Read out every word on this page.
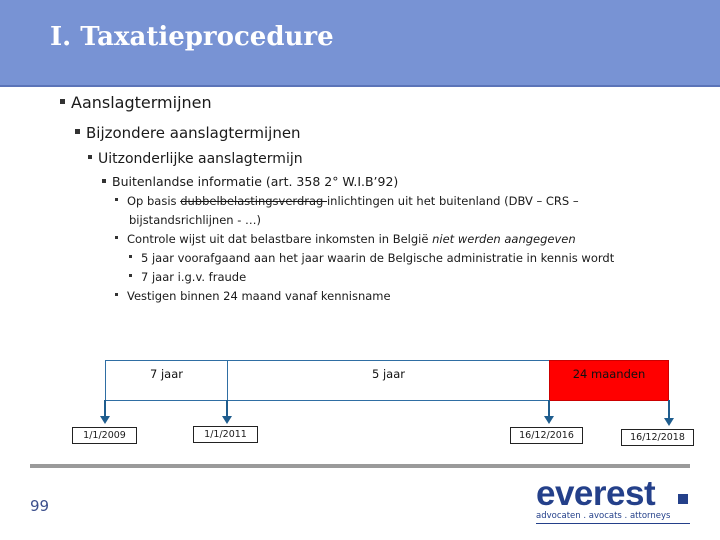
I. Taxatieprocedure
Aanslagtermijnen
Bijzondere aanslagtermijnen
Uitzonderlijke aanslagtermijn
Buitenlandse informatie (art. 358 2° W.I.B’92)
Op basis dubbelbelastingsverdrag inlichtingen uit het buitenland (DBV – CRS –
bijstandsrichlijnen - …)
Controle wijst uit dat belastbare inkomsten in België niet werden aangegeven
5 jaar voorafgaand aan het jaar waarin de Belgische administratie in kennis wordt
7 jaar i.g.v. fraude
Vestigen binnen 24 maand vanaf kennisname
7 jaar	5 jaar	24 maanden
1/1/2009	1/1/2011	16/12/2016	16/12/2018
99	everest
advocaten . avocats . attorneys
